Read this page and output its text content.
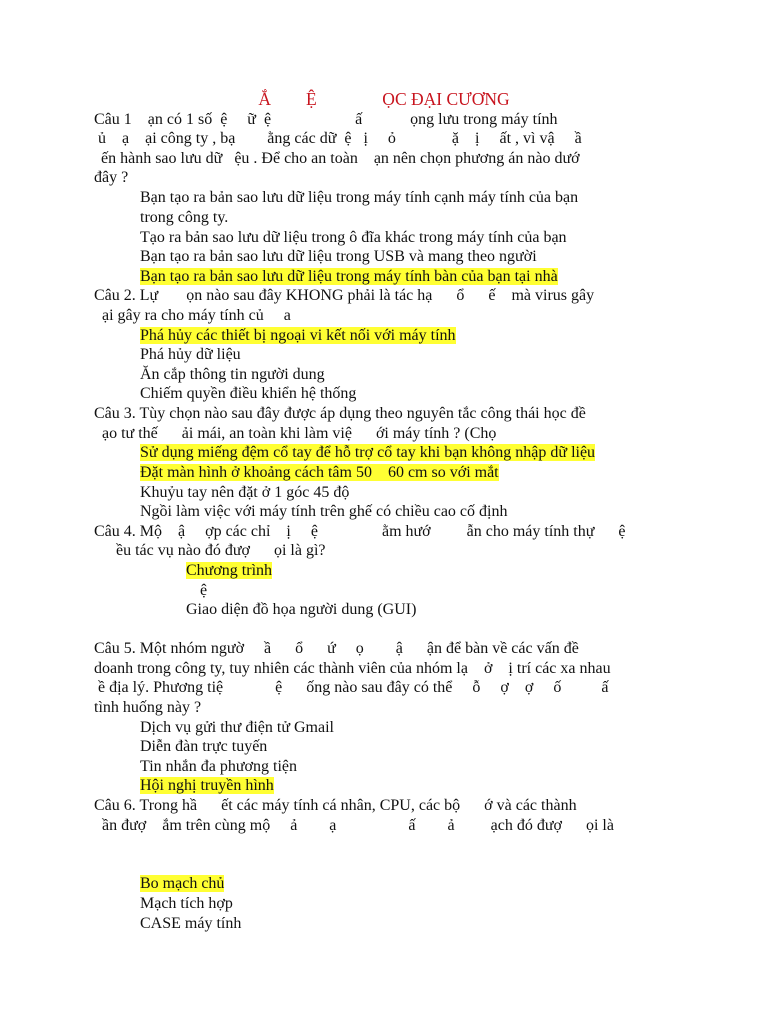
Ắ        Ệ               ỌC ĐẠI CƯƠNG
Câu 1    ạn có 1 số  ệ     ữ  ệ                     ấ            ọng lưu trong máy tính
ủ    ạ    ại công ty , bạ        ằng các dữ  ệ   ị     ỏ              ặ    ị     ất , vì vậ     ầ
ến hành sao lưu dữ   ệu . Để cho an toàn    ạn nên chọn phương án nào dướ
đây ?
Bạn tạo ra bản sao lưu dữ liệu trong máy tính cạnh máy tính của bạn
trong công ty.
Tạo ra bản sao lưu dữ liệu trong ô đĩa khác trong máy tính của bạn
Bạn tạo ra bản sao lưu dữ liệu trong USB và mang theo người
Bạn tạo ra bản sao lưu dữ liệu trong máy tính bàn của bạn tại nhà
Câu 2. Lự       ọn nào sau đây KHONG phải là tác hạ      ổ      ế    mà virus gây
ại gây ra cho máy tính củ     a
Phá hủy các thiết bị ngoại vi kết nối với máy tính
Phá hủy dữ liệu
Ăn cắp thông tin người dung
Chiếm quyền điều khiển hệ thống
Câu 3. Tùy chọn nào sau đây được áp dụng theo nguyên tắc công thái học đề
ạo tư thế      ải mái, an toàn khi làm việ      ới máy tính ? (Chọ
Sử dụng miếng đệm cổ tay để hỗ trợ cổ tay khi bạn không nhập dữ liệu
Đặt màn hình ở khoảng cách tâm 50    60 cm so với mắt
Khuỷu tay nên đặt ở 1 góc 45 độ
Ngồi làm việc với máy tính trên ghế có chiều cao cố định
Câu 4. Mộ    ậ     ợp các chỉ    ị     ệ                ằm hướ         ẫn cho máy tính thự      ệ
ều tác vụ nào đó đượ      ọi là gì?
Chương trình
ệ
Giao diện đồ họa người dung (GUI)
Câu 5. Một nhóm ngườ     ầ      ổ      ứ     ọ        ậ      ận để bàn về các vấn đề
doanh trong công ty, tuy nhiên các thành viên của nhóm lạ    ở    ị trí các xa nhau
ề địa lý. Phương tiệ             ệ      ống nào sau đây có thể     ỗ     ợ    ợ     ố          ấ
tình huống này ?
Dịch vụ gửi thư điện tử Gmail
Diễn đàn trực tuyến
Tin nhắn đa phương tiện
Hội nghị truyền hình
Câu 6. Trong hầ      ết các máy tính cá nhân, CPU, các bộ      ớ và các thành
ần đượ    ắm trên cùng mộ     ả        ạ                  ấ        ả         ạch đó đượ      ọi là
Bo mạch chủ
Mạch tích hợp
CASE máy tính
